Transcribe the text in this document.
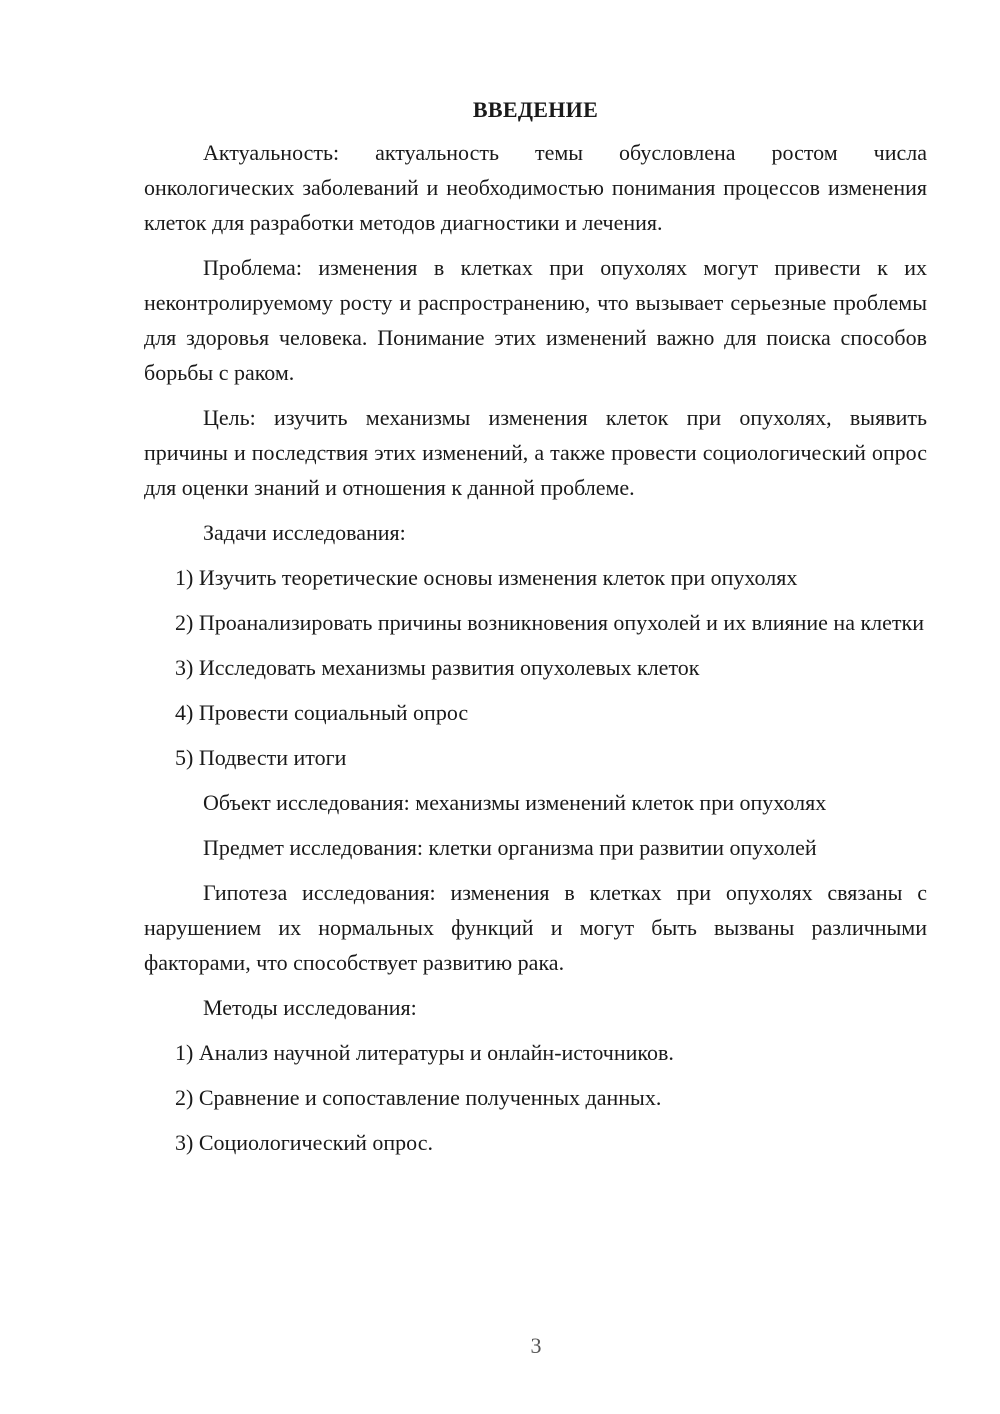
ВВЕДЕНИЕ

Актуальность: актуальность темы обусловлена ростом числа онкологических заболеваний и необходимостью понимания процессов изменения клеток для разработки методов диагностики и лечения.

Проблема: изменения в клетках при опухолях могут привести к их неконтролируемому росту и распространению, что вызывает серьезные проблемы для здоровья человека. Понимание этих изменений важно для поиска способов борьбы с раком.

Цель: изучить механизмы изменения клеток при опухолях, выявить причины и последствия этих изменений, а также провести социологический опрос для оценки знаний и отношения к данной проблеме.

Задачи исследования:

1) Изучить теоретические основы изменения клеток при опухолях

2) Проанализировать причины возникновения опухолей и их влияние на клетки

3) Исследовать механизмы развития опухолевых клеток

4) Провести социальный опрос

5) Подвести итоги

Объект исследования: механизмы изменений клеток при опухолях

Предмет исследования: клетки организма при развитии опухолей

Гипотеза исследования: изменения в клетках при опухолях связаны с нарушением их нормальных функций и могут быть вызваны различными факторами, что способствует развитию рака.

Методы исследования:

1) Анализ научной литературы и онлайн-источников.

2) Сравнение и сопоставление полученных данных.

3) Социологический опрос.

3
